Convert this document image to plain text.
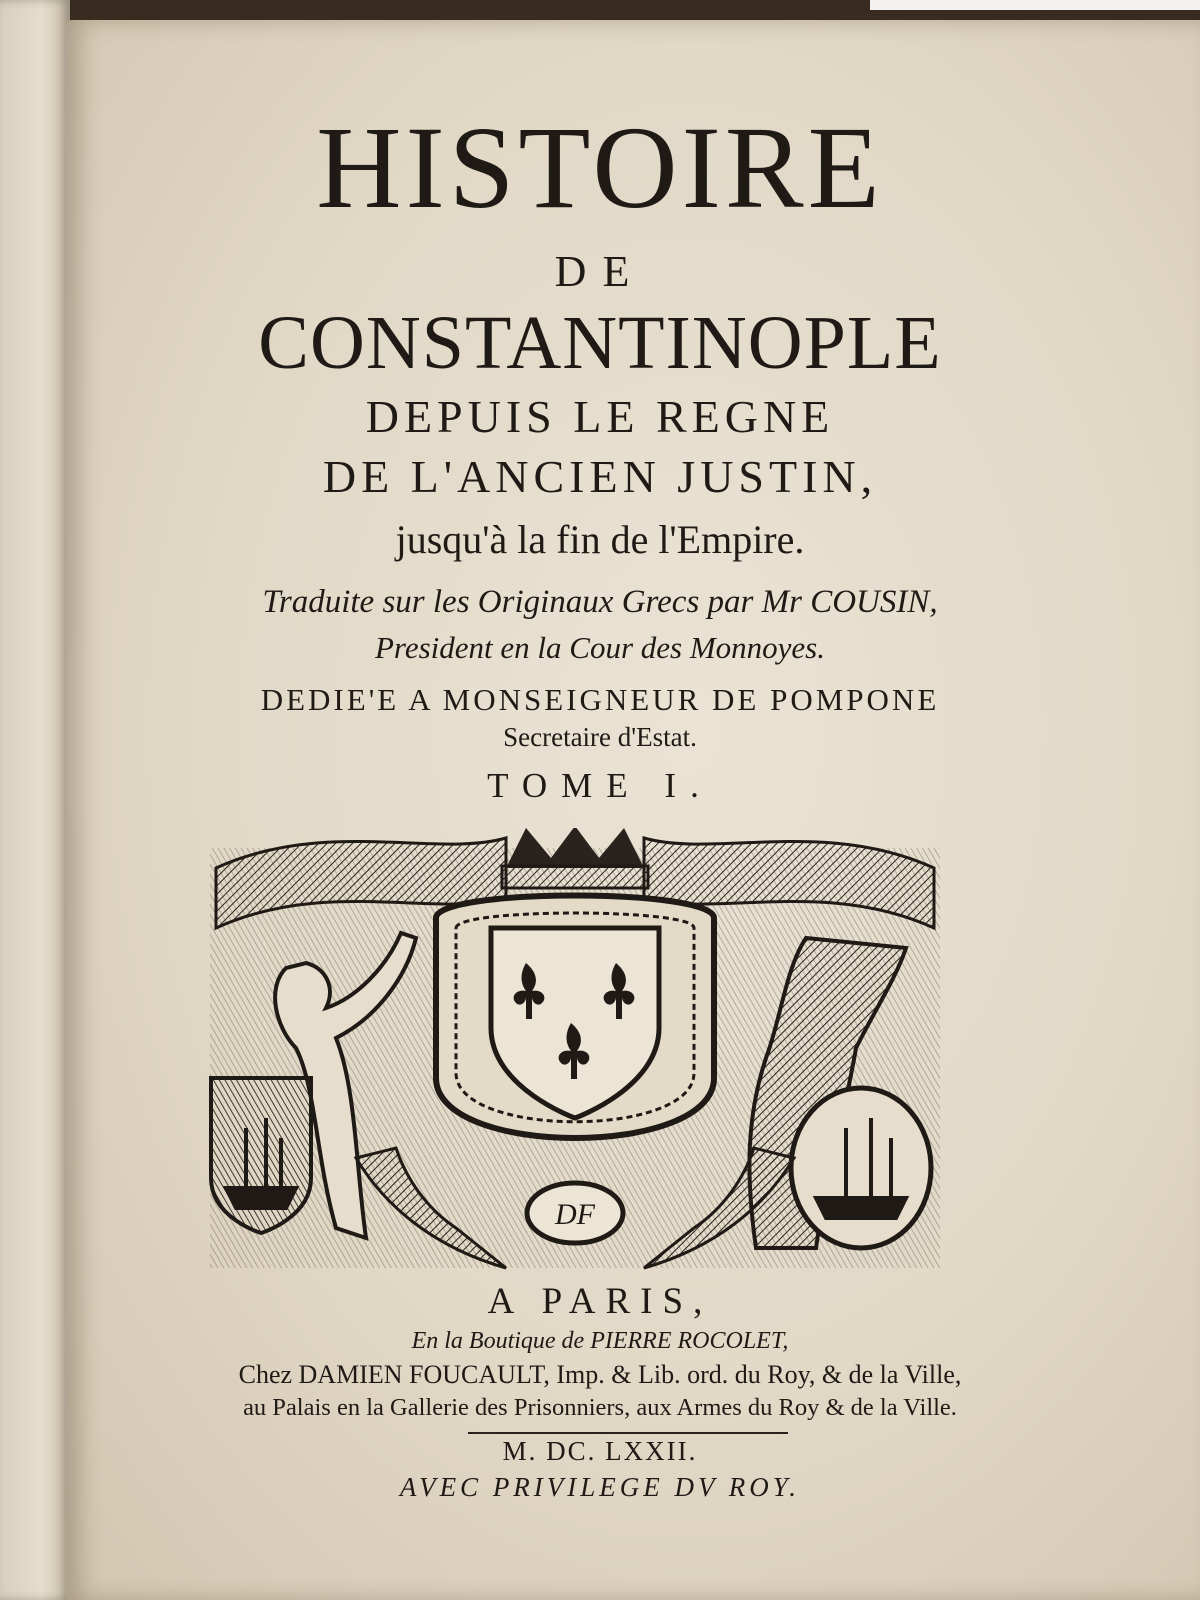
HISTOIRE
DE
CONSTANTINOPLE
DEPUIS LE REGNE
DE L'ANCIEN JUSTIN,
jusqu'à la fin de l'Empire.
Traduite sur les Originaux Grecs par Mr COUSIN,
President en la Cour des Monnoyes.
DEDIE'E A MONSEIGNEUR DE POMPONE
Secretaire d'Estat.
TOME I.
DF
A PARIS,
En la Boutique de PIERRE ROCOLET,
Chez DAMIEN FOUCAULT, Imp. & Lib. ord. du Roy, & de la Ville,
au Palais en la Gallerie des Prisonniers, aux Armes du Roy & de la Ville.
M. DC. LXXII.
AVEC PRIVILEGE DV ROY.
